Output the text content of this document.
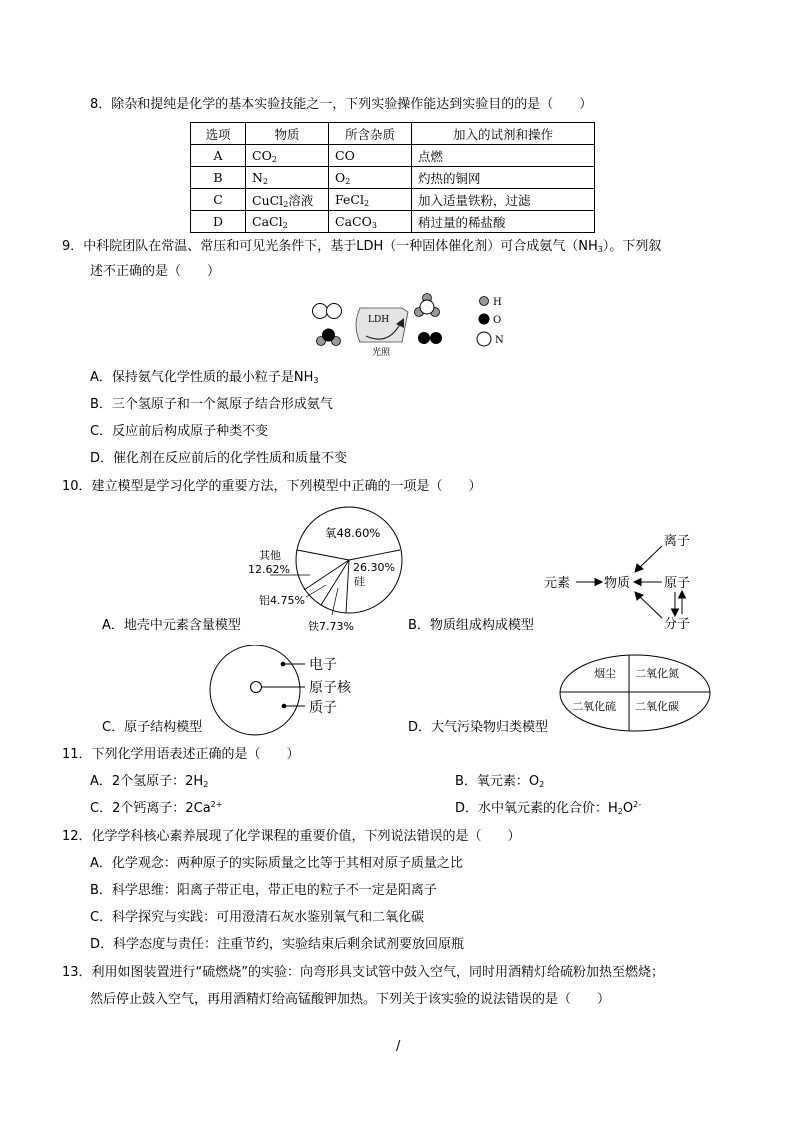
8．除杂和提纯是化学的基本实验技能之一，下列实验操作能达到实验目的的是（　　）
选项	物质	所含杂质	加入的试剂和操作
A	$CO_2$	CO	点燃
B	$N_2$	$O_2$	灼热的铜网
C	CuCl$_2$溶液	FeCl$_2$	加入适量铁粉，过滤
D	CaCl$_2$	CaCO$_3$	稍过量的稀盐酸
9．中科院团队在常温、常压和可见光条件下，基于LDH（一种固体催化剂）可合成氨气$(NH_3)$。下列叙
述不正确的是（　　）
LDH
光照
H
O
N
A．保持氨气化学性质的最小粒子是$NH_3$
B．三个氢原子和一个氮原子结合形成氨气
C．反应前后构成原子种类不变
D．催化剂在反应前后的化学性质和质量不变
10．建立模型是学习化学的重要方法，下列模型中正确的一项是（　　）
氧48.60%
26.30%
硅
其他
12.62%
铝4.75%
铁7.73%
离子
元素	物质	原子
分子
A．地壳中元素含量模型	B．物质组成构成模型
电子
原子核
质子
烟尘 二氧化氮
二氧化硫 二氧化碳
C．原子结构模型	D．大气污染物归类模型
11．下列化学用语表述正确的是（　　）
A．2个氢原子：$2H_2$	B．氧元素：$O_2$
C．2个钙离子：$2Ca^{2+}$	D．水中氧元素的化合价：$H_2O^{2-}$
12．化学学科核心素养展现了化学课程的重要价值，下列说法错误的是（　　）
A．化学观念：两种原子的实际质量之比等于其相对原子质量之比
B．科学思维：阳离子带正电，带正电的粒子不一定是阳离子
C．科学探究与实践：可用澄清石灰水鉴别氧气和二氧化碳
D．科学态度与责任：注重节约，实验结束后剩余试剂要放回原瓶
13．利用如图装置进行“硫燃烧”的实验：向弯形具支试管中鼓入空气，同时用酒精灯给硫粉加热至燃烧；
然后停止鼓入空气，再用酒精灯给高锰酸钾加热。下列关于该实验的说法错误的是（　　）
/
